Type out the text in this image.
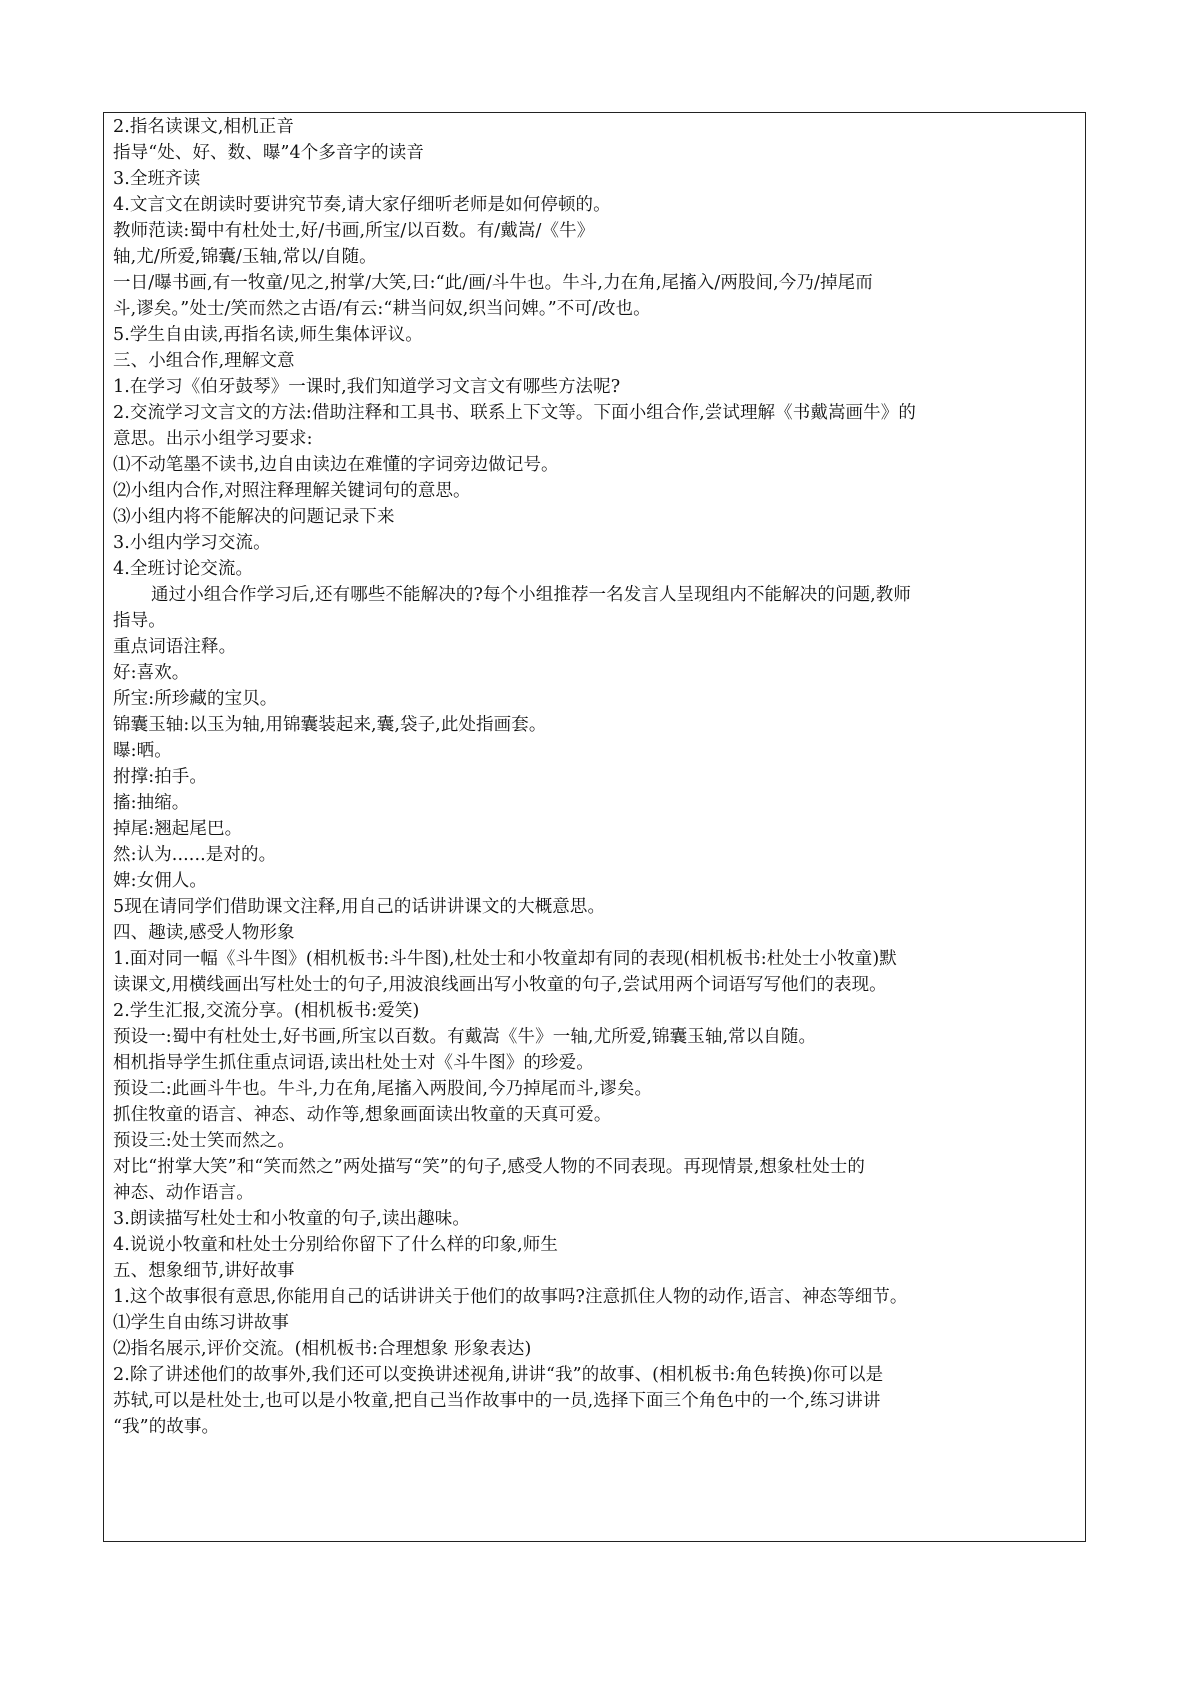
2.指名读课文,相机正音
指导“处、好、数、曝”4个多音字的读音
3.全班齐读
4.文言文在朗读时要讲究节奏,请大家仔细听老师是如何停顿的。
教师范读:蜀中有杜处士,好/书画,所宝/以百数。有/戴嵩/《牛》
轴,尤/所爱,锦囊/玉轴,常以/自随。
一日/曝书画,有一牧童/见之,拊掌/大笑,曰:“此/画/斗牛也。牛斗,力在角,尾搐入/两股间,今乃/掉尾而
斗,谬矣。”处士/笑而然之古语/有云:“耕当问奴,织当问婢。”不可/改也。
5.学生自由读,再指名读,师生集体评议。
三、小组合作,理解文意
1.在学习《伯牙鼓琴》一课时,我们知道学习文言文有哪些方法呢?
2.交流学习文言文的方法:借助注释和工具书、联系上下文等。下面小组合作,尝试理解《书戴嵩画牛》的
意思。出示小组学习要求:
⑴不动笔墨不读书,边自由读边在难懂的字词旁边做记号。
⑵小组内合作,对照注释理解关键词句的意思。
⑶小组内将不能解决的问题记录下来
3.小组内学习交流。
4.全班讨论交流。
通过小组合作学习后,还有哪些不能解决的?每个小组推荐一名发言人呈现组内不能解决的问题,教师
指导。
重点词语注释。
好:喜欢。
所宝:所珍藏的宝贝。
锦囊玉轴:以玉为轴,用锦囊装起来,囊,袋子,此处指画套。
曝:晒。
拊撑:拍手。
搐:抽缩。
掉尾:翘起尾巴。
然:认为......是对的。
婢:女佣人。
5现在请同学们借助课文注释,用自己的话讲讲课文的大概意思。
四、趣读,感受人物形象
1.面对同一幅《斗牛图》(相机板书:斗牛图),杜处士和小牧童却有同的表现(相机板书:杜处士小牧童)默
读课文,用横线画出写杜处士的句子,用波浪线画出写小牧童的句子,尝试用两个词语写写他们的表现。
2.学生汇报,交流分享。(相机板书:爱笑)
预设一:蜀中有杜处士,好书画,所宝以百数。有戴嵩《牛》一轴,尤所爱,锦囊玉轴,常以自随。
相机指导学生抓住重点词语,读出杜处士对《斗牛图》的珍爱。
预设二:此画斗牛也。牛斗,力在角,尾搐入两股间,今乃掉尾而斗,谬矣。
抓住牧童的语言、神态、动作等,想象画面读出牧童的天真可爱。
预设三:处士笑而然之。
对比“拊掌大笑”和“笑而然之”两处描写“笑”的句子,感受人物的不同表现。再现情景,想象杜处士的
神态、动作语言。
3.朗读描写杜处士和小牧童的句子,读出趣味。
4.说说小牧童和杜处士分别给你留下了什么样的印象,师生
五、想象细节,讲好故事
1.这个故事很有意思,你能用自己的话讲讲关于他们的故事吗?注意抓住人物的动作,语言、神态等细节。
⑴学生自由练习讲故事
⑵指名展示,评价交流。(相机板书:合理想象 形象表达)
2.除了讲述他们的故事外,我们还可以变换讲述视角,讲讲“我”的故事、(相机板书:角色转换)你可以是
苏轼,可以是杜处士,也可以是小牧童,把自己当作故事中的一员,选择下面三个角色中的一个,练习讲讲
“我”的故事。
